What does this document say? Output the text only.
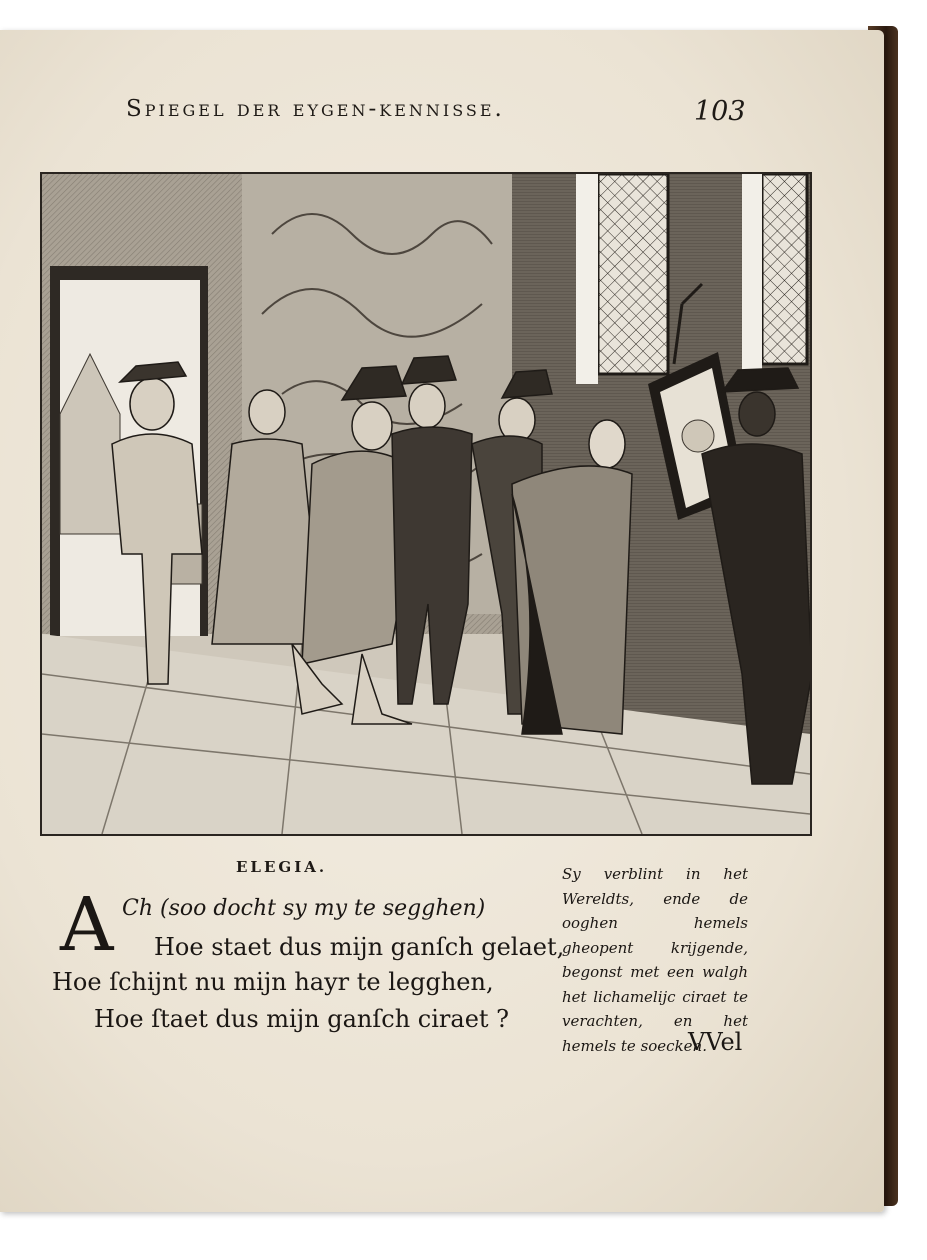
Spiegel der eygen-kennisse.	103
ELEGIA.
A Ch (soo docht sy my te segghen)
Hoe staet dus mijn ganſch gelaet,
Hoe ſchijnt nu mijn hayr te legghen,
Hoe ſtaet dus mijn ganſch ciraet ?
Sy verblint in het Wereldts, ende de ooghen hemels gheopent krijgende, begonst met een walgh het lichamelijc ciraet te verachten, en het hemels te soecken.
VVel
